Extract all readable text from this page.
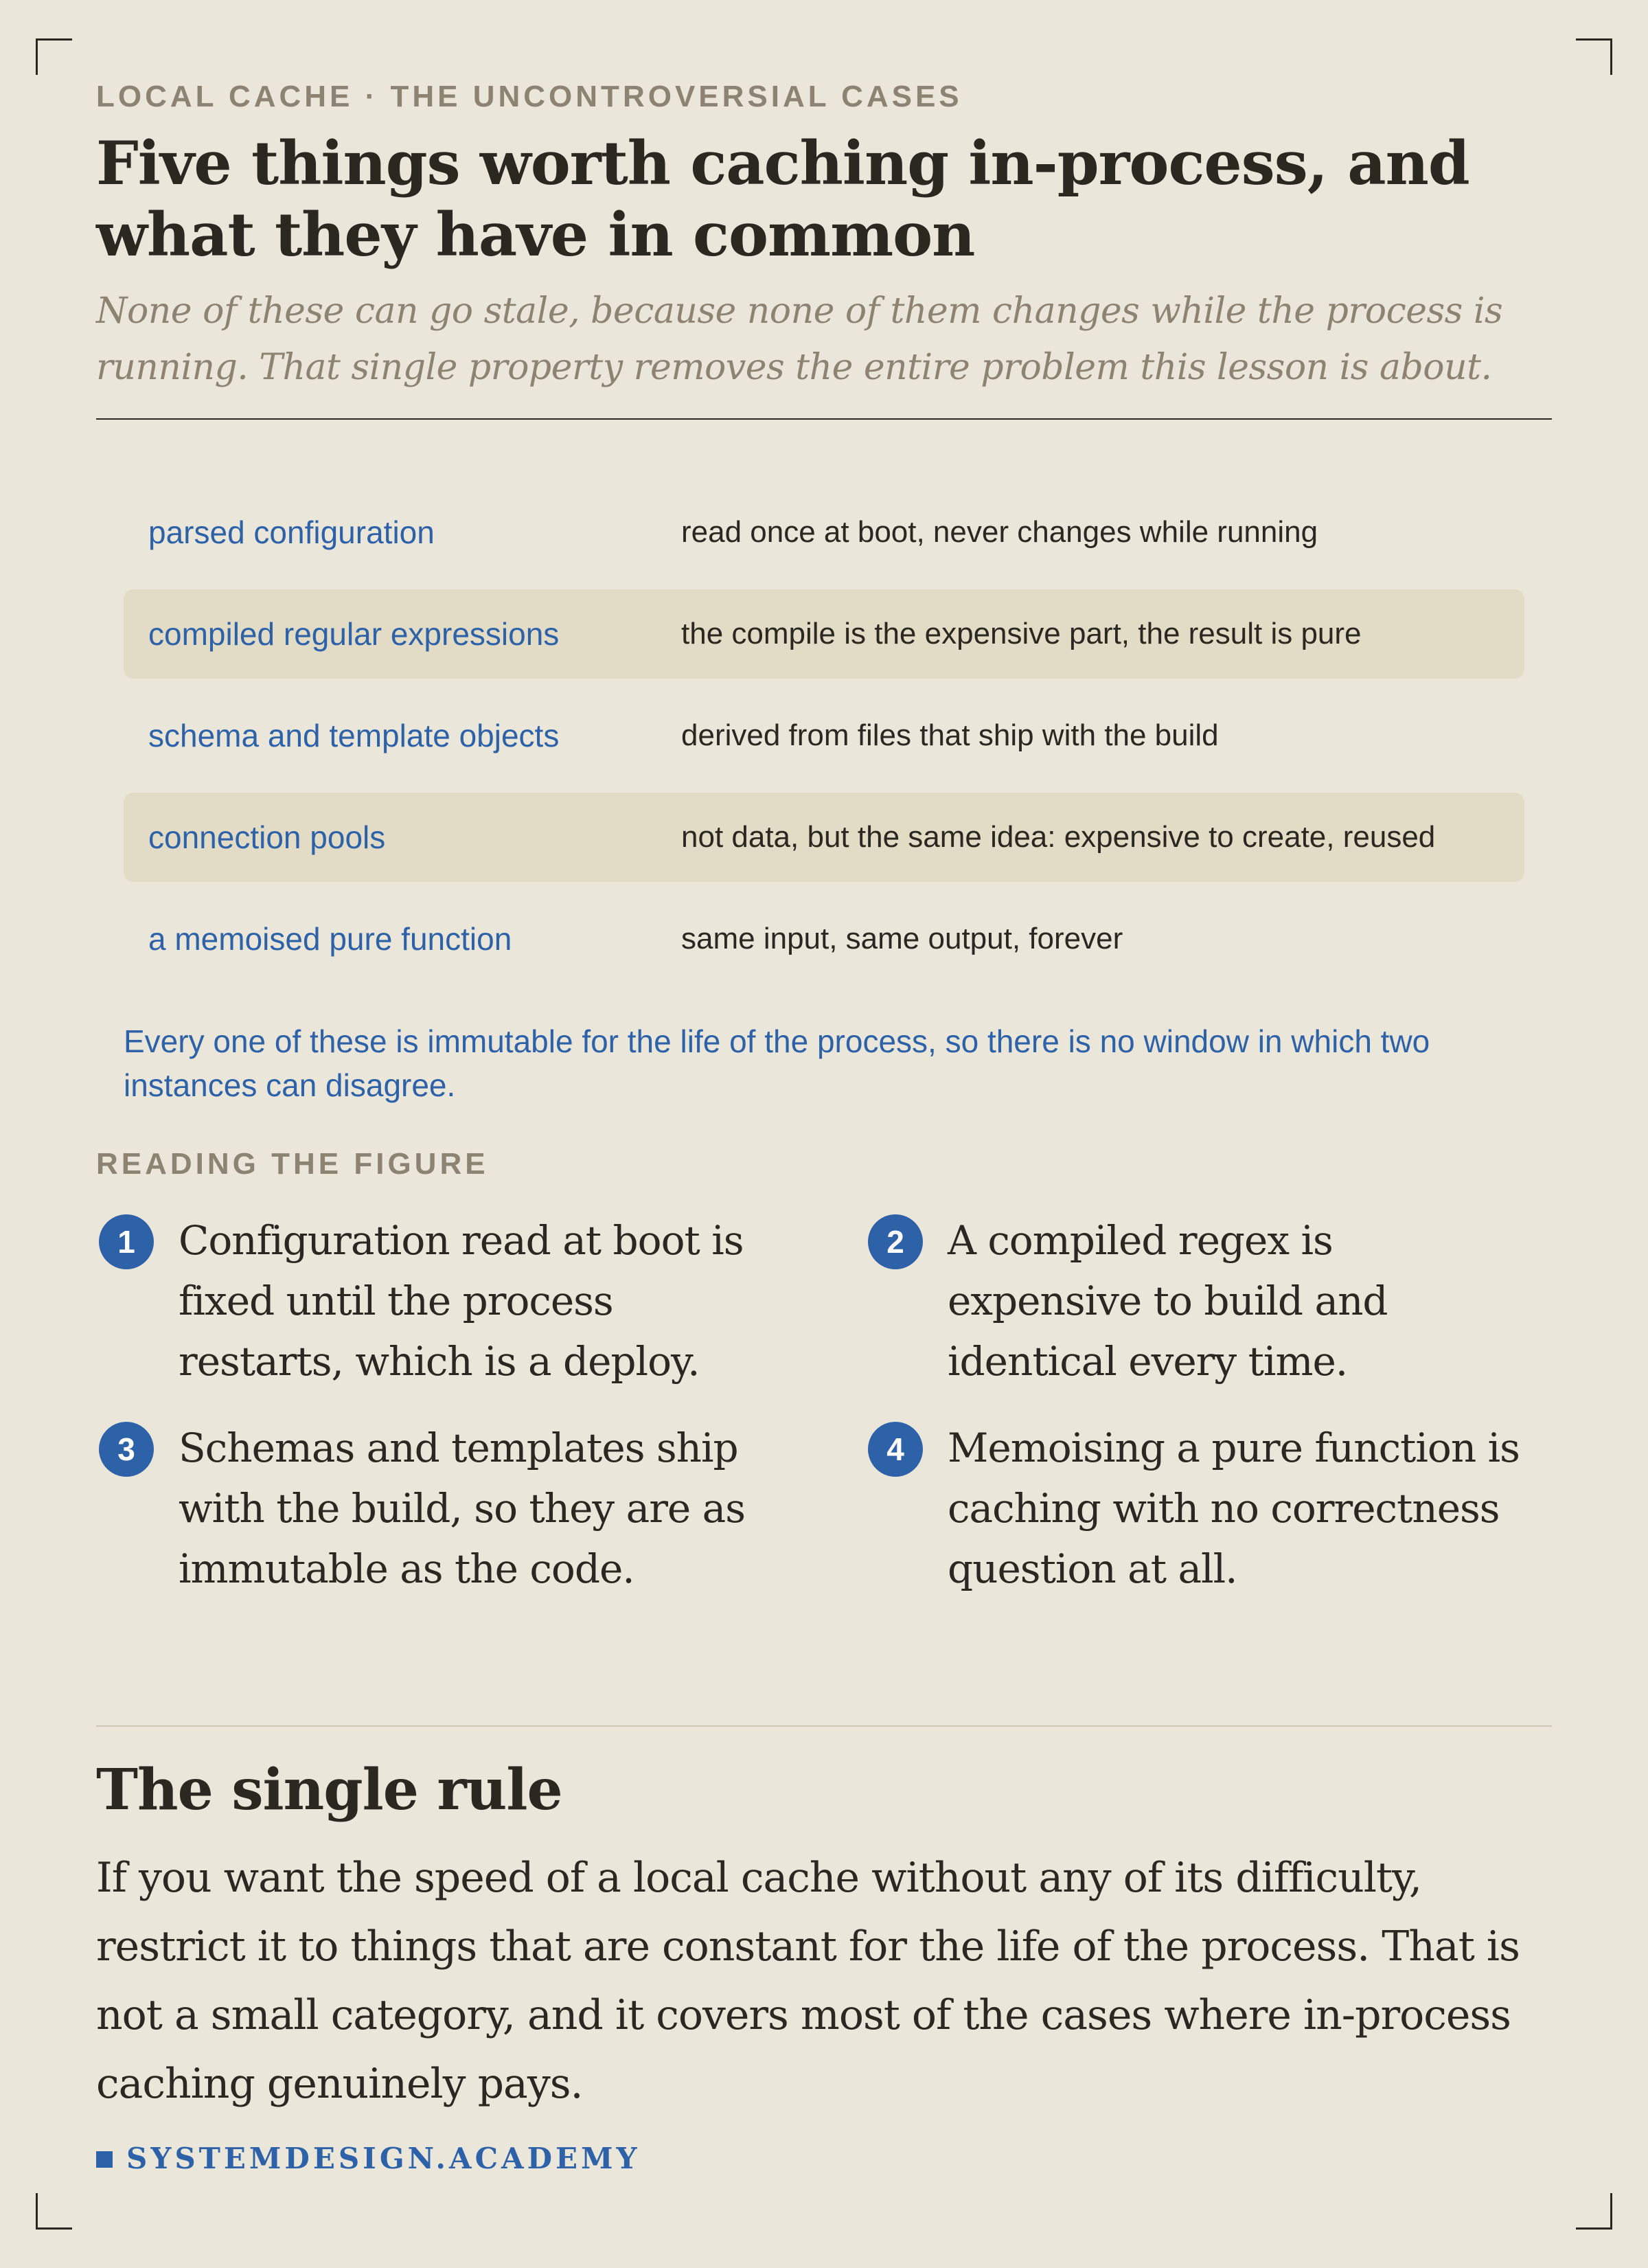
LOCAL CACHE · THE UNCONTROVERSIAL CASES
Five things worth caching in-process, and what they have in common

None of these can go stale, because none of them changes while the process is running. That single property removes the entire problem this lesson is about.

parsed configuration	read once at boot, never changes while running
compiled regular expressions	the compile is the expensive part, the result is pure
schema and template objects	derived from files that ship with the build
connection pools	not data, but the same idea: expensive to create, reused
a memoised pure function	same input, same output, forever

Every one of these is immutable for the life of the process, so there is no window in which two instances can disagree.

READING THE FIGURE
1	Configuration read at boot is fixed until the process restarts, which is a deploy.
2	A compiled regex is expensive to build and identical every time.
3	Schemas and templates ship with the build, so they are as immutable as the code.
4	Memoising a pure function is caching with no correctness question at all.
The single rule

If you want the speed of a local cache without any of its difficulty, restrict it to things that are constant for the life of the process. That is not a small category, and it covers most of the cases where in-process caching genuinely pays.

SYSTEMDESIGN.ACADEMY
